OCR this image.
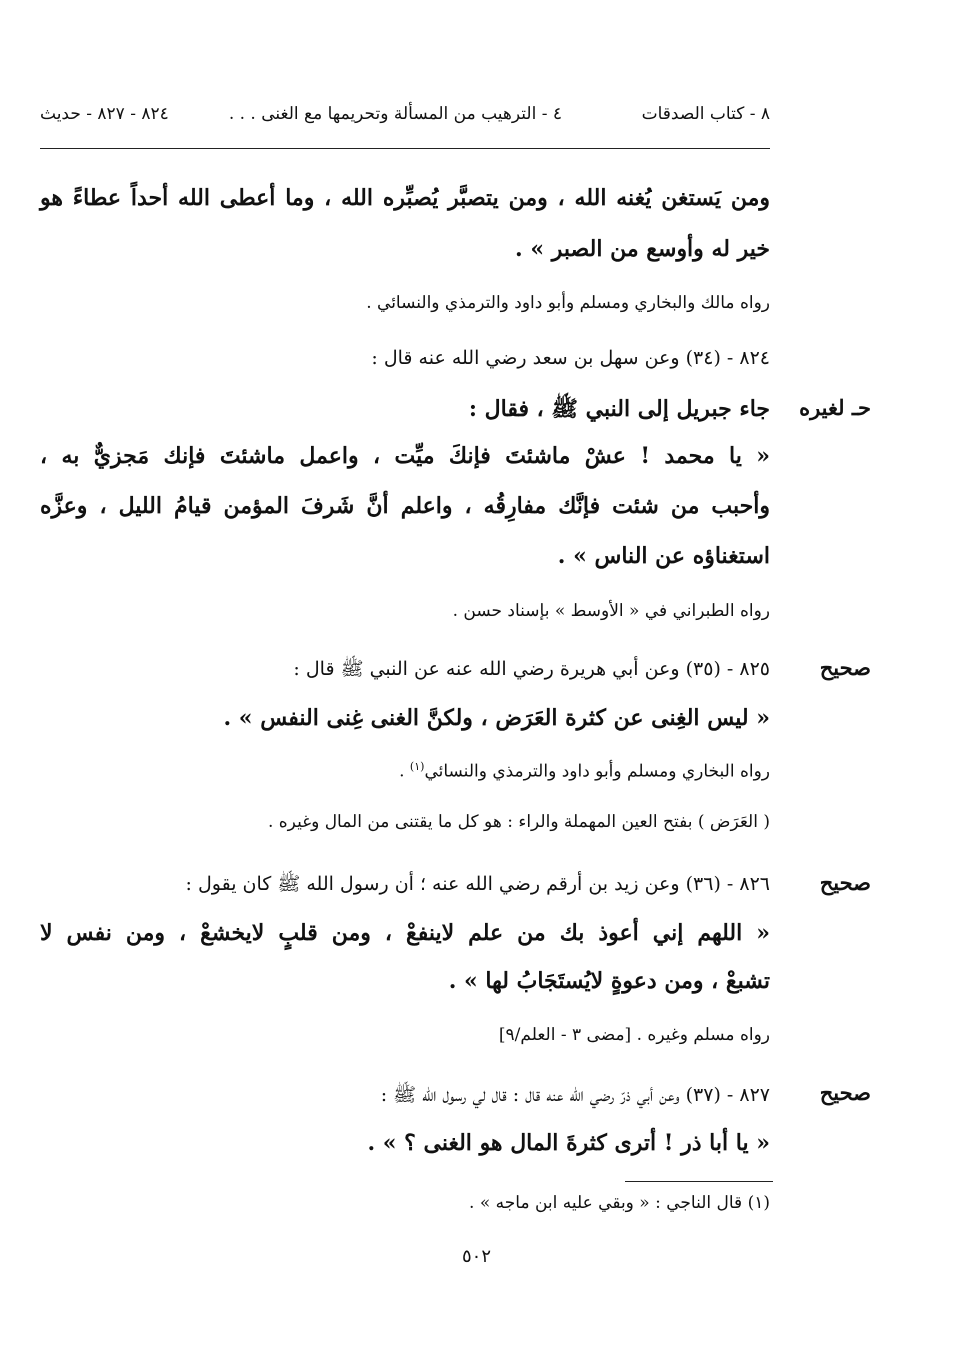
٨ - كتاب الصدقات
٤ - الترهيب من المسألة وتحريمها مع الغنى . . .
٨٢٤ - ٨٢٧ - حديث
ومن يَستغن يُغنه الله ، ومن يتصبَّر يُصبِّره الله ، وما أعطى الله أحداً عطاءً هو
خير له وأوسع من الصبر » .
رواه مالك والبخاري ومسلم وأبو داود والترمذي والنسائي .
٨٢٤ - (٣٤) وعن سهل بن سعد رضي الله عنه قال :
حـ لغيره
جاء جبريل إلى النبي ﷺ ، فقال :
« يا محمد ! عشْ ماشئتَ فإنكَ ميِّت ، واعمل ماشئتَ فإنك مَجزيٌّ به ،
وأحبب من شئت فإنَّك مفارِقُه ، واعلم أنَّ شَرفَ المؤمن قيامُ الليل ، وعزَّه
استغناؤه عن الناس » .
رواه الطبراني في « الأوسط » بإسناد حسن .
صحيح
٨٢٥ - (٣٥) وعن أبي هريرة رضي الله عنه عن النبي ﷺ قال :
« ليس الغِنى عن كثرة العَرَض ، ولكنَّ الغنى غِنى النفس » .
رواه البخاري ومسلم وأبو داود والترمذي والنسائي$^{(١)}$ .
( العَرَض ) بفتح العين المهملة والراء : هو كل ما يقتنى من المال وغيره .
صحيح
٨٢٦ - (٣٦) وعن زيد بن أرقم رضي الله عنه ؛ أن رسول الله ﷺ كان يقول :
« اللهم إني أعوذ بك من علم لاينفعْ ، ومن قلبٍ لايخشعْ ، ومن نفس لا
تشبعْ ، ومن دعوةٍ لايُستَجَابُ لها » .
رواه مسلم وغيره . [مضى ٣ - العلم/٩]
صحيح
٨٢٧ - (٣٧) وعن أبي ذرّ رضي الله عنه قال : قال لي رسول الله ﷺ :
« يا أبا ذر ! أترى كثرةَ المال هو الغنى ؟ » .
(١) قال الناجي : « وبقي عليه ابن ماجه » .
٥٠٢
